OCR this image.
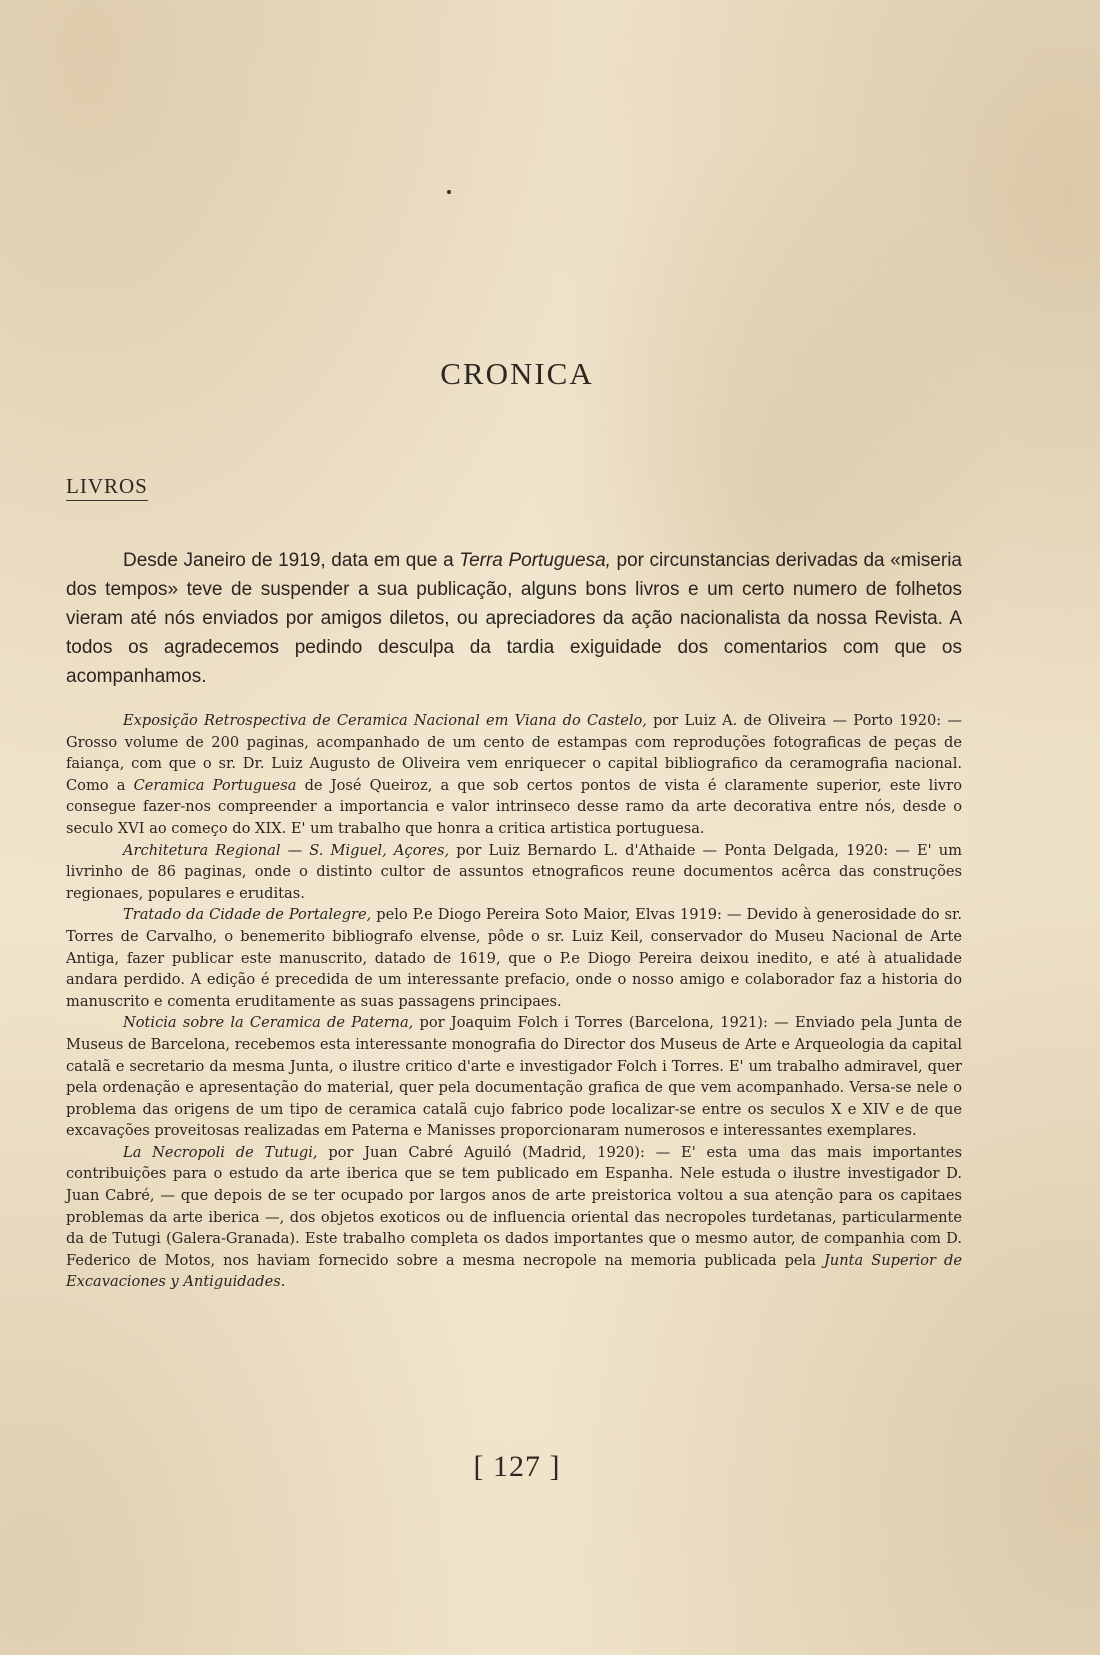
CRONICA
LIVROS

Desde Janeiro de 1919, data em que a Terra Portuguesa, por circunstancias derivadas da «miseria dos tempos» teve de suspender a sua publicação, alguns bons livros e um certo numero de folhetos vieram até nós enviados por amigos diletos, ou apreciadores da ação nacionalista da nossa Revista. A todos os agradecemos pedindo desculpa da tardia exiguidade dos comentarios com que os acompanhamos.

Exposição Retrospectiva de Ceramica Nacional em Viana do Castelo, por Luiz A. de Oliveira — Porto 1920: — Grosso volume de 200 paginas, acompanhado de um cento de estampas com reproduções fotograficas de peças de faiança, com que o sr. Dr. Luiz Augusto de Oliveira vem enriquecer o capital bibliografico da ceramografia nacional. Como a Ceramica Portuguesa de José Queiroz, a que sob certos pontos de vista é claramente superior, este livro consegue fazer-nos compreender a importancia e valor intrinseco desse ramo da arte decorativa entre nós, desde o seculo XVI ao começo do XIX. E' um trabalho que honra a critica artistica portuguesa.

Architetura Regional — S. Miguel, Açores, por Luiz Bernardo L. d'Athaide — Ponta Delgada, 1920: — E' um livrinho de 86 paginas, onde o distinto cultor de assuntos etnograficos reune documentos acêrca das construções regionaes, populares e eruditas.

Tratado da Cidade de Portalegre, pelo P.e Diogo Pereira Soto Maior, Elvas 1919: — Devido à generosidade do sr. Torres de Carvalho, o benemerito bibliografo elvense, pôde o sr. Luiz Keil, conservador do Museu Nacional de Arte Antiga, fazer publicar este manuscrito, datado de 1619, que o P.e Diogo Pereira deixou inedito, e até à atualidade andara perdido. A edição é precedida de um interessante prefacio, onde o nosso amigo e colaborador faz a historia do manuscrito e comenta eruditamente as suas passagens principaes.

Noticia sobre la Ceramica de Paterna, por Joaquim Folch i Torres (Barcelona, 1921): — Enviado pela Junta de Museus de Barcelona, recebemos esta interessante monografia do Director dos Museus de Arte e Arqueologia da capital catalã e secretario da mesma Junta, o ilustre critico d'arte e investigador Folch i Torres. E' um trabalho admiravel, quer pela ordenação e apresentação do material, quer pela documentação grafica de que vem acompanhado. Versa-se nele o problema das origens de um tipo de ceramica catalã cujo fabrico pode localizar-se entre os seculos X e XIV e de que excavações proveitosas realizadas em Paterna e Manisses proporcionaram numerosos e interessantes exemplares.

La Necropoli de Tutugi, por Juan Cabré Aguiló (Madrid, 1920): — E' esta uma das mais importantes contribuições para o estudo da arte iberica que se tem publicado em Espanha. Nele estuda o ilustre investigador D. Juan Cabré, — que depois de se ter ocupado por largos anos de arte preistorica voltou a sua atenção para os capitaes problemas da arte iberica —, dos objetos exoticos ou de influencia oriental das necropoles turdetanas, particularmente da de Tutugi (Galera-Granada). Este trabalho completa os dados importantes que o mesmo autor, de companhia com D. Federico de Motos, nos haviam fornecido sobre a mesma necropole na memoria publicada pela Junta Superior de Excavaciones y Antiguidades.

[ 127 ]
